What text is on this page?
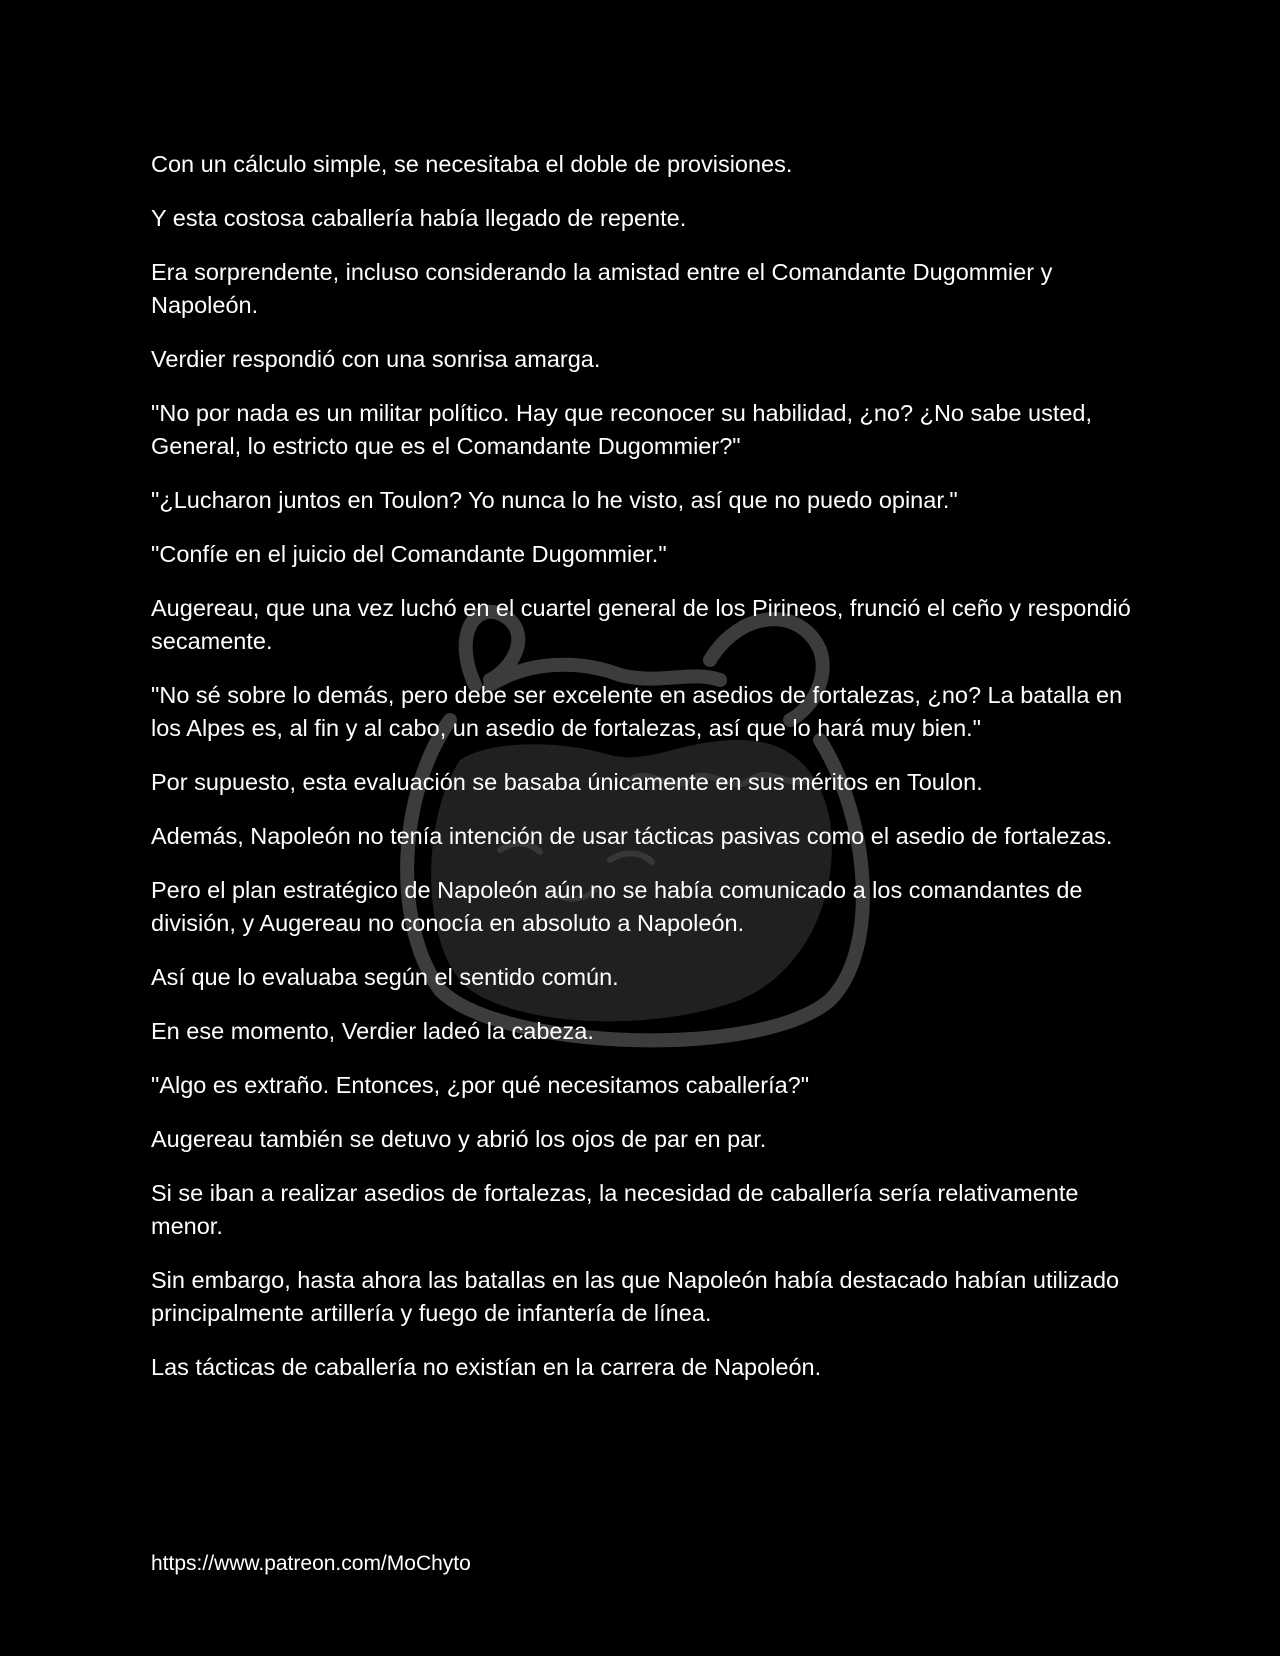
Con un cálculo simple, se necesitaba el doble de provisiones.

Y esta costosa caballería había llegado de repente.

Era sorprendente, incluso considerando la amistad entre el Comandante Dugommier y Napoleón.

Verdier respondió con una sonrisa amarga.

"No por nada es un militar político. Hay que reconocer su habilidad, ¿no? ¿No sabe usted, General, lo estricto que es el Comandante Dugommier?"

"¿Lucharon juntos en Toulon? Yo nunca lo he visto, así que no puedo opinar."

"Confíe en el juicio del Comandante Dugommier."

Augereau, que una vez luchó en el cuartel general de los Pirineos, frunció el ceño y respondió secamente.

"No sé sobre lo demás, pero debe ser excelente en asedios de fortalezas, ¿no? La batalla en los Alpes es, al fin y al cabo, un asedio de fortalezas, así que lo hará muy bien."

Por supuesto, esta evaluación se basaba únicamente en sus méritos en Toulon.

Además, Napoleón no tenía intención de usar tácticas pasivas como el asedio de fortalezas.

Pero el plan estratégico de Napoleón aún no se había comunicado a los comandantes de división, y Augereau no conocía en absoluto a Napoleón.

Así que lo evaluaba según el sentido común.

En ese momento, Verdier ladeó la cabeza.

"Algo es extraño. Entonces, ¿por qué necesitamos caballería?"

Augereau también se detuvo y abrió los ojos de par en par.

Si se iban a realizar asedios de fortalezas, la necesidad de caballería sería relativamente menor.

Sin embargo, hasta ahora las batallas en las que Napoleón había destacado habían utilizado principalmente artillería y fuego de infantería de línea.

Las tácticas de caballería no existían en la carrera de Napoleón.

https://www.patreon.com/MoChyto
